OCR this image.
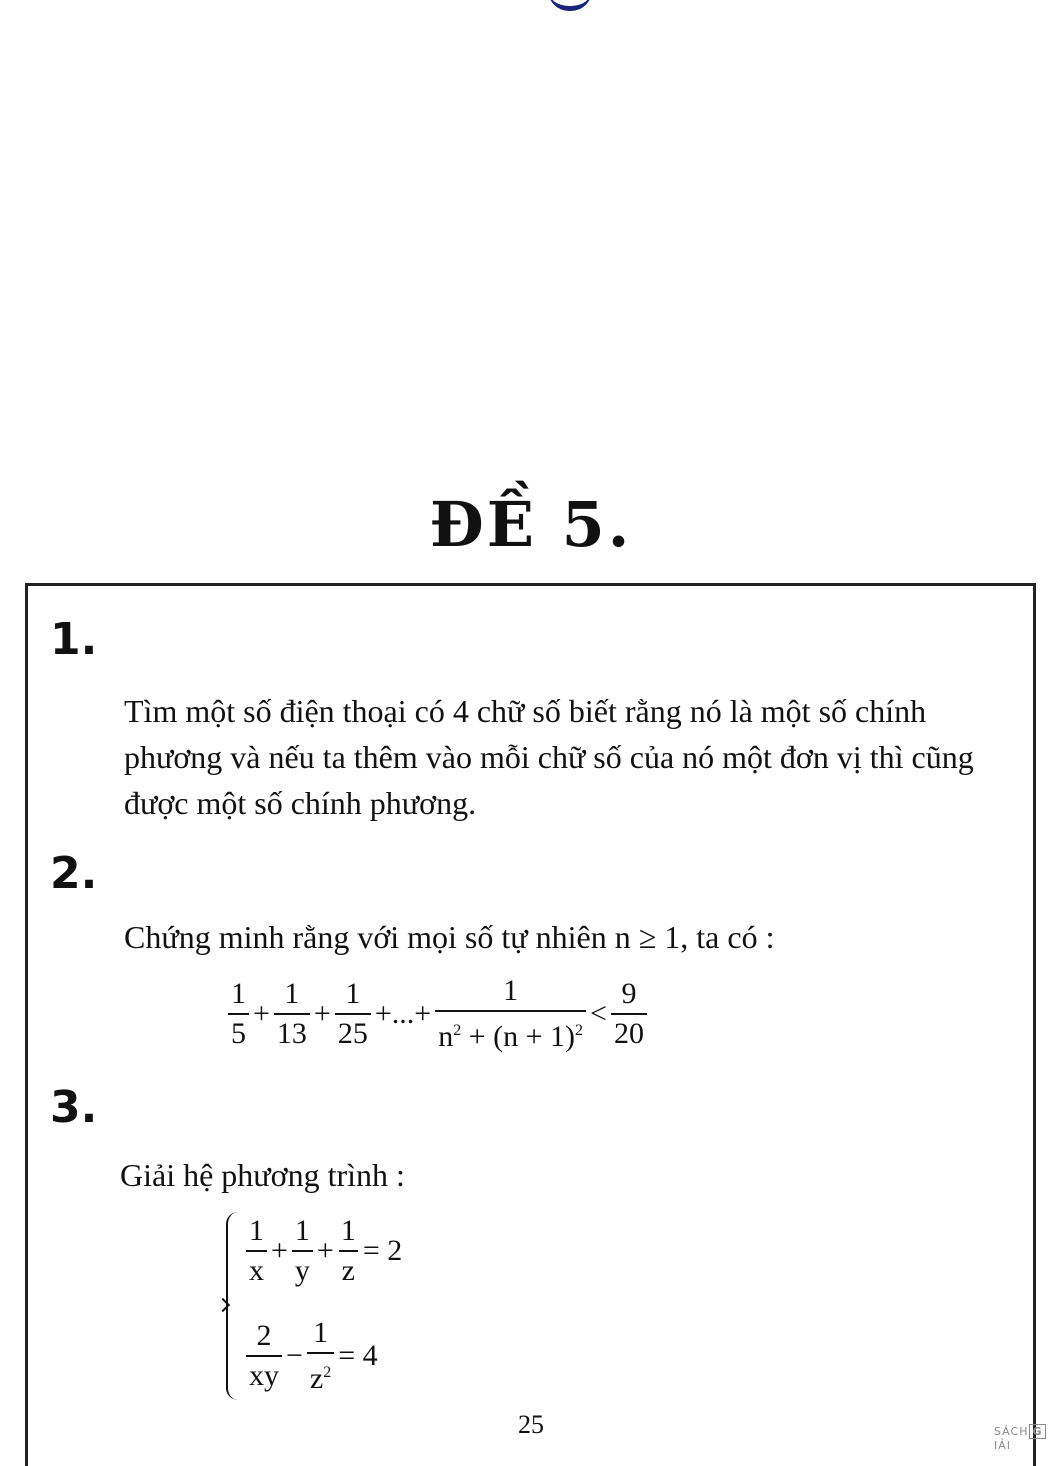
ĐỀ 5.
1.
Tìm một số điện thoại có 4 chữ số biết rằng nó là một số chính phương và nếu ta thêm vào mỗi chữ số của nó một đơn vị thì cũng được một số chính phương.
2.
Chứng minh rằng với mọi số tự nhiên n ≥ 1, ta có :
$\frac{1}{5} + \frac{1}{13} + \frac{1}{25}$ +...+ $\frac{1}{n^2 + (n + 1)^2} < \frac{9}{20}$
3.
Giải hệ phương trình :
$\frac{1}{x} + \frac{1}{y} + \frac{1}{z} = 2$
$\frac{2}{xy} - \frac{1}{z^2} = 4$
25	SÁCH GIẢI
